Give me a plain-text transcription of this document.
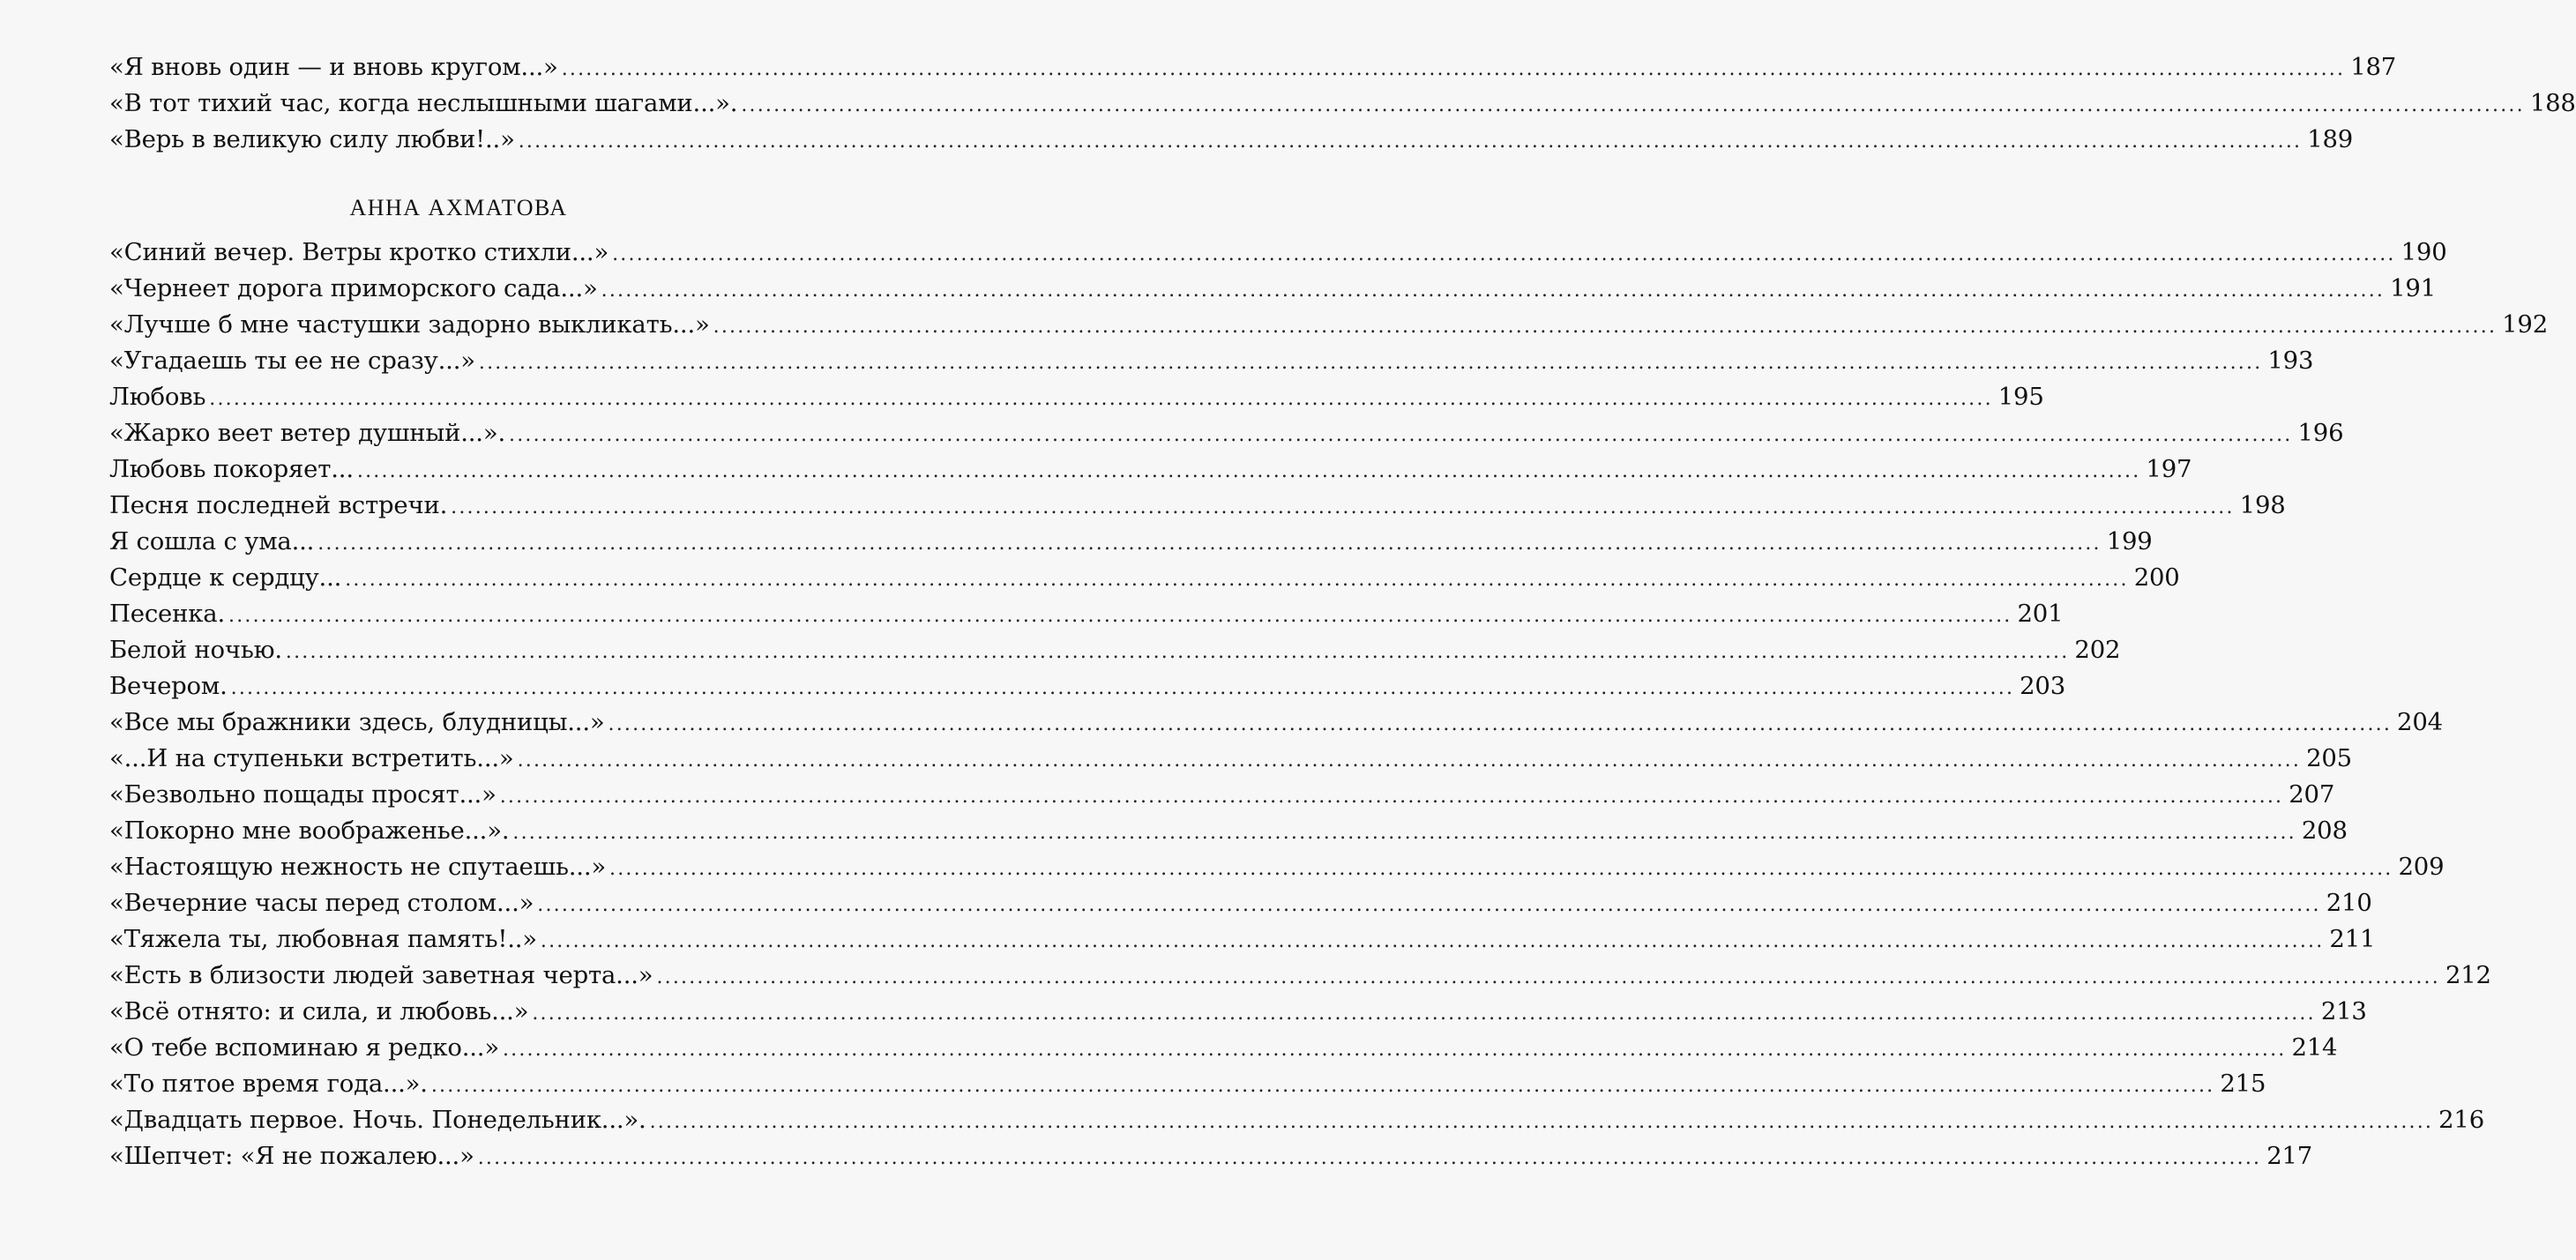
«Я вновь один — и вновь кругом...» .....	187
«В тот тихий час, когда неслышными шагами...». .....	188
«Верь в великую силу любви!..» .....	189
АННА АХМАТОВА
«Синий вечер. Ветры кротко стихли...» .....	190
«Чернеет дорога приморского сада...» .....	191
«Лучше б мне частушки задорно выкликать...» .....	192
«Угадаешь ты ее не сразу...» .....	193
Любовь .....	195
«Жарко веет ветер душный...». .....	196
Любовь покоряет... .....	197
Песня последней встречи. .....	198
Я сошла с ума... .....	199
Сердце к сердцу... .....	200
Песенка. .....	201
Белой ночью. .....	202
Вечером. .....	203
«Все мы бражники здесь, блудницы...» .....	204
«...И на ступеньки встретить...» .....	205
«Безвольно пощады просят...» .....	207
«Покорно мне воображенье...». .....	208
«Настоящую нежность не спутаешь...» .....	209
«Вечерние часы перед столом...» .....	210
«Тяжела ты, любовная память!..» .....	211
«Есть в близости людей заветная черта...» .....	212
«Всё отнято: и сила, и любовь...» .....	213
«О тебе вспоминаю я редко...» .....	214
«То пятое время года...». .....	215
«Двадцать первое. Ночь. Понедельник...». .....	216
«Шепчет: «Я не пожалею...» .....	217
